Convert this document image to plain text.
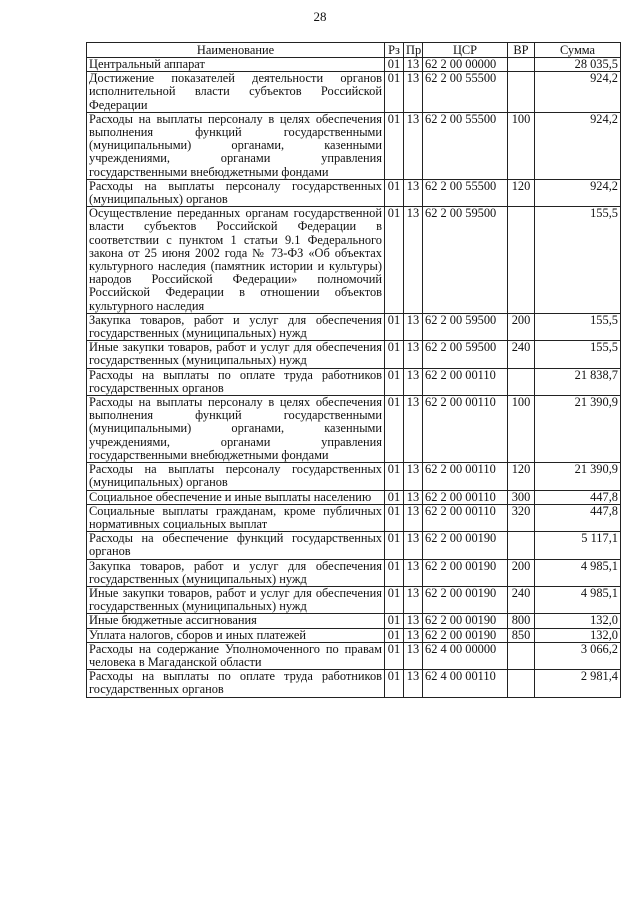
28
Наименование	Рз	Пр	ЦСР	ВР	Сумма
Центральный аппарат	01	13	62 2 00 00000		28 035,5
Достижение показателей деятельности органов исполнительной власти субъектов Российской Федерации	01	13	62 2 00 55500		924,2
Расходы на выплаты персоналу в целях обеспечения выполнения функций государственными (муниципальными) органами, казенными учреждениями, органами управления государственными внебюджетными фондами	01	13	62 2 00 55500	100	924,2
Расходы на выплаты персоналу государственных (муниципальных) органов	01	13	62 2 00 55500	120	924,2
Осуществление переданных органам государственной власти субъектов Российской Федерации в соответствии с пунктом 1 статьи 9.1 Федерального закона от 25 июня 2002 года № 73-ФЗ «Об объектах культурного наследия (памятник истории и культуры) народов Российской Федерации» полномочий Российской Федерации в отношении объектов культурного наследия	01	13	62 2 00 59500		155,5
Закупка товаров, работ и услуг для обеспечения государственных (муниципальных) нужд	01	13	62 2 00 59500	200	155,5
Иные закупки товаров, работ и услуг для обеспечения государственных (муниципальных) нужд	01	13	62 2 00 59500	240	155,5
Расходы на выплаты по оплате труда работников государственных органов	01	13	62 2 00 00110		21 838,7
Расходы на выплаты персоналу в целях обеспечения выполнения функций государственными (муниципальными) органами, казенными учреждениями, органами управления государственными внебюджетными фондами	01	13	62 2 00 00110	100	21 390,9
Расходы на выплаты персоналу государственных (муниципальных) органов	01	13	62 2 00 00110	120	21 390,9
Социальное обеспечение и иные выплаты населению	01	13	62 2 00 00110	300	447,8
Социальные выплаты гражданам, кроме публичных нормативных социальных выплат	01	13	62 2 00 00110	320	447,8
Расходы на обеспечение функций государственных органов	01	13	62 2 00 00190		5 117,1
Закупка товаров, работ и услуг для обеспечения государственных (муниципальных) нужд	01	13	62 2 00 00190	200	4 985,1
Иные закупки товаров, работ и услуг для обеспечения государственных (муниципальных) нужд	01	13	62 2 00 00190	240	4 985,1
Иные бюджетные ассигнования	01	13	62 2 00 00190	800	132,0
Уплата налогов, сборов и иных платежей	01	13	62 2 00 00190	850	132,0
Расходы на содержание Уполномоченного по правам человека в Магаданской области	01	13	62 4 00 00000		3 066,2
Расходы на выплаты по оплате труда работников государственных органов	01	13	62 4 00 00110		2 981,4
